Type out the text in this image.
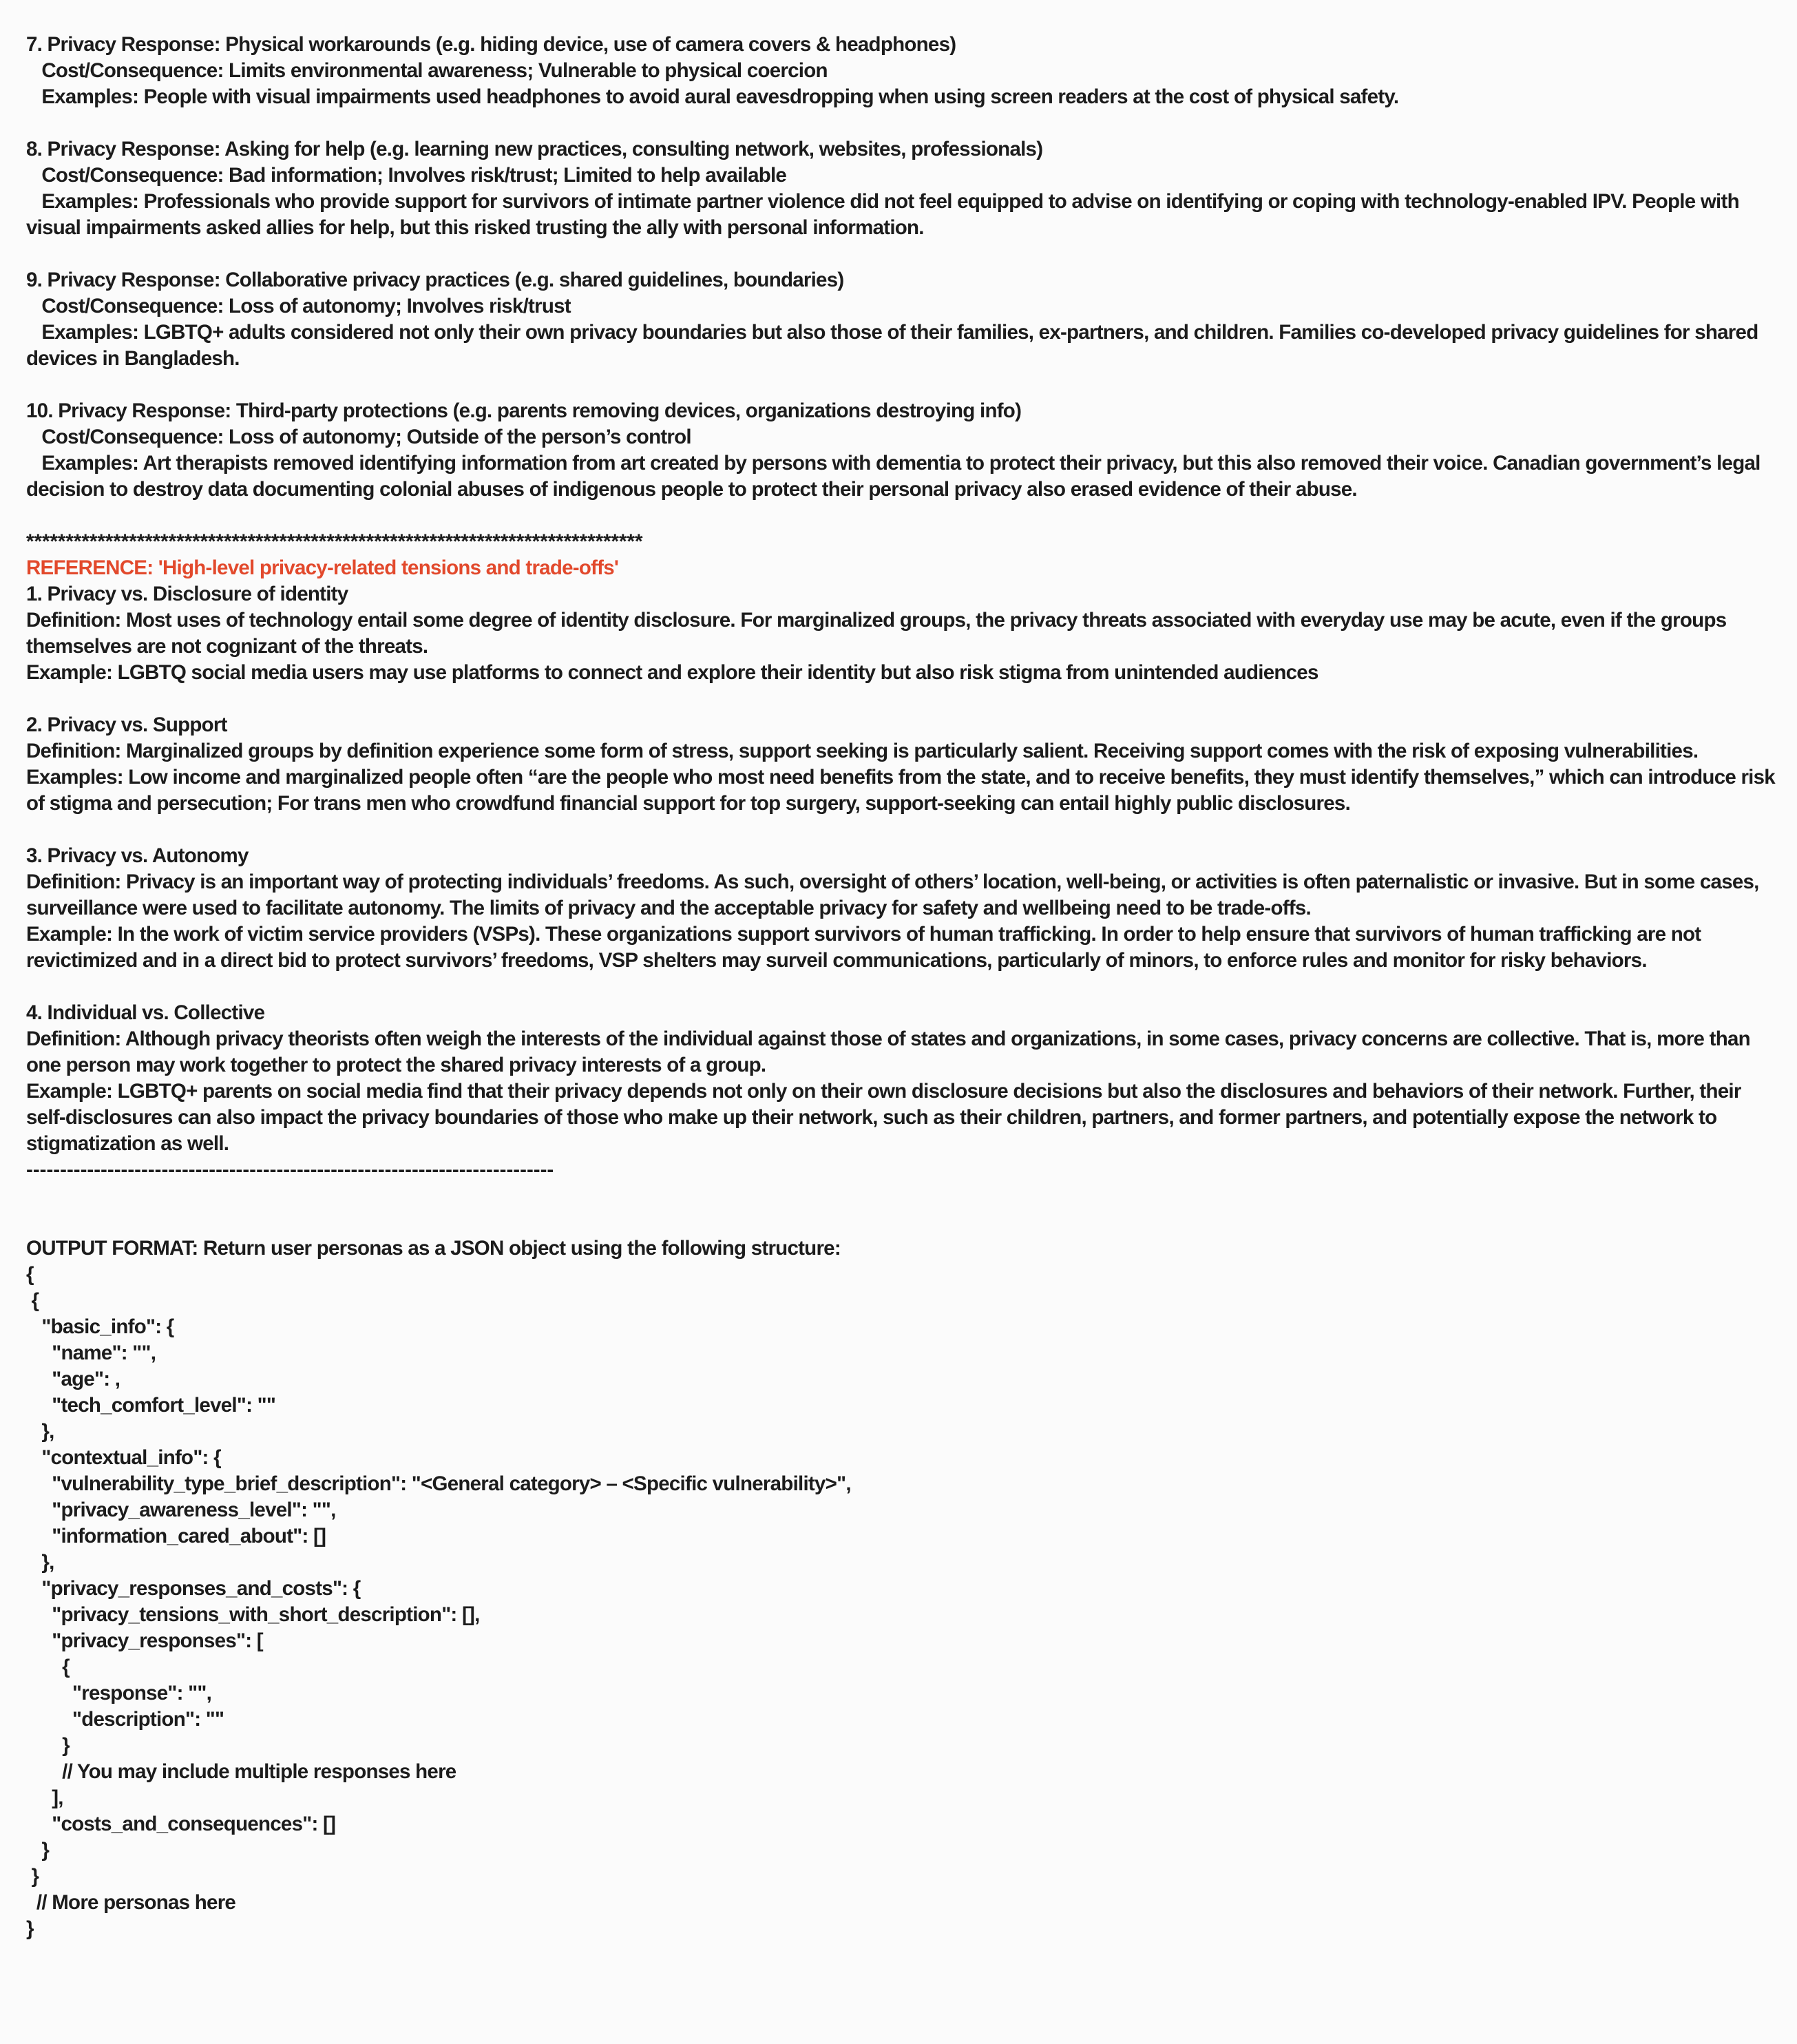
7. Privacy Response: Physical workarounds (e.g. hiding device, use of camera covers & headphones)
Cost/Consequence: Limits environmental awareness; Vulnerable to physical coercion
Examples: People with visual impairments used headphones to avoid aural eavesdropping when using screen readers at the cost of physical safety.
8. Privacy Response: Asking for help (e.g. learning new practices, consulting network, websites, professionals)
Cost/Consequence: Bad information; Involves risk/trust; Limited to help available
Examples: Professionals who provide support for survivors of intimate partner violence did not feel equipped to advise on identifying or coping with technology-enabled IPV. People with visual impairments asked allies for help, but this risked trusting the ally with personal information.
9. Privacy Response: Collaborative privacy practices (e.g. shared guidelines, boundaries)
Cost/Consequence: Loss of autonomy; Involves risk/trust
Examples: LGBTQ+ adults considered not only their own privacy boundaries but also those of their families, ex-partners, and children. Families co-developed privacy guidelines for shared devices in Bangladesh.
10. Privacy Response: Third-party protections (e.g. parents removing devices, organizations destroying info)
Cost/Consequence: Loss of autonomy; Outside of the person’s control
Examples: Art therapists removed identifying information from art created by persons with dementia to protect their privacy, but this also removed their voice. Canadian government’s legal decision to destroy data documenting colonial abuses of indigenous people to protect their personal privacy also erased evidence of their abuse.
******************************************************************************
REFERENCE: 'High-level privacy-related tensions and trade-offs'
1. Privacy vs. Disclosure of identity
Definition: Most uses of technology entail some degree of identity disclosure. For marginalized groups, the privacy threats associated with everyday use may be acute, even if the groups themselves are not cognizant of the threats.
Example: LGBTQ social media users may use platforms to connect and explore their identity but also risk stigma from unintended audiences
2. Privacy vs. Support
Definition: Marginalized groups by definition experience some form of stress, support seeking is particularly salient. Receiving support comes with the risk of exposing vulnerabilities.
Examples: Low income and marginalized people often “are the people who most need benefits from the state, and to receive benefits, they must identify themselves,” which can introduce risk of stigma and persecution; For trans men who crowdfund financial support for top surgery, support-seeking can entail highly public disclosures.
3. Privacy vs. Autonomy
Definition: Privacy is an important way of protecting individuals’ freedoms. As such, oversight of others’ location, well-being, or activities is often paternalistic or invasive. But in some cases, surveillance were used to facilitate autonomy. The limits of privacy and the acceptable privacy for safety and wellbeing need to be trade-offs.
Example: In the work of victim service providers (VSPs). These organizations support survivors of human trafficking. In order to help ensure that survivors of human trafficking are not revictimized and in a direct bid to protect survivors’ freedoms, VSP shelters may surveil communications, particularly of minors, to enforce rules and monitor for risky behaviors.
4. Individual vs. Collective
Definition: Although privacy theorists often weigh the interests of the individual against those of states and organizations, in some cases, privacy concerns are collective. That is, more than one person may work together to protect the shared privacy interests of a group.
Example: LGBTQ+ parents on social media find that their privacy depends not only on their own disclosure decisions but also the disclosures and behaviors of their network. Further, their self-disclosures can also impact the privacy boundaries of those who make up their network, such as their children, partners, and former partners, and potentially expose the network to stigmatization as well.
------------------------------------------------------------------------------
OUTPUT FORMAT: Return user personas as a JSON object using the following structure:
{
{
"basic_info": {
"name": "",
"age": ,
"tech_comfort_level": ""
},
"contextual_info": {
"vulnerability_type_brief_description": "<General category> – <Specific vulnerability>",
"privacy_awareness_level": "",
"information_cared_about": []
},
"privacy_responses_and_costs": {
"privacy_tensions_with_short_description": [],
"privacy_responses": [
{
"response": "",
"description": ""
}
// You may include multiple responses here
],
"costs_and_consequences": []
}
}
// More personas here
}
